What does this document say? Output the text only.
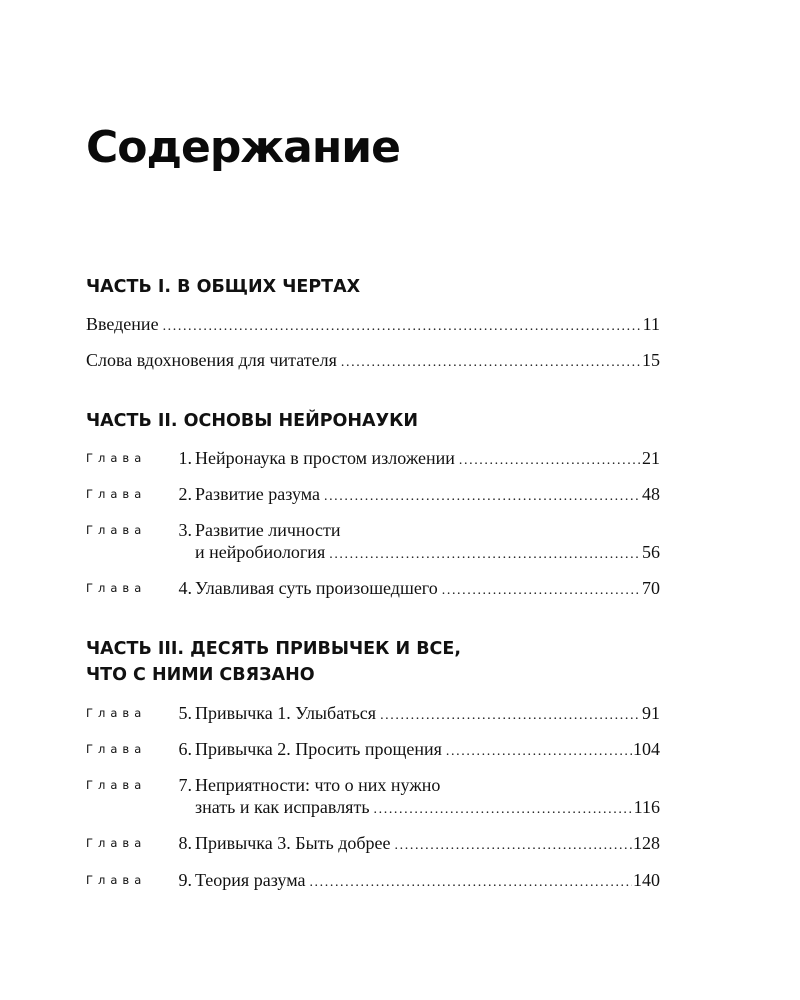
Содержание
ЧАСТЬ I. В ОБЩИХ ЧЕРТАХ
Введение .....	11
Слова вдохновения для читателя .....	15
ЧАСТЬ II. ОСНОВЫ НЕЙРОНАУКИ
Глава	1. Нейронаука в простом изложении .....	21
Глава	2. Развитие разума .....	48
Глава	3. Развитие личности
и нейробиология .....	56
Глава	4. Улавливая суть произошедшего .....	70
ЧАСТЬ III. ДЕСЯТЬ ПРИВЫЧЕК И ВСЕ,
ЧТО С НИМИ СВЯЗАНО
Глава	5. Привычка 1. Улыбаться .....	91
Глава	6. Привычка 2. Просить прощения .....	104
Глава	7. Неприятности: что о них нужно
знать и как исправлять .....	116
Глава	8. Привычка 3. Быть добрее .....	128
Глава	9. Теория разума .....	140
